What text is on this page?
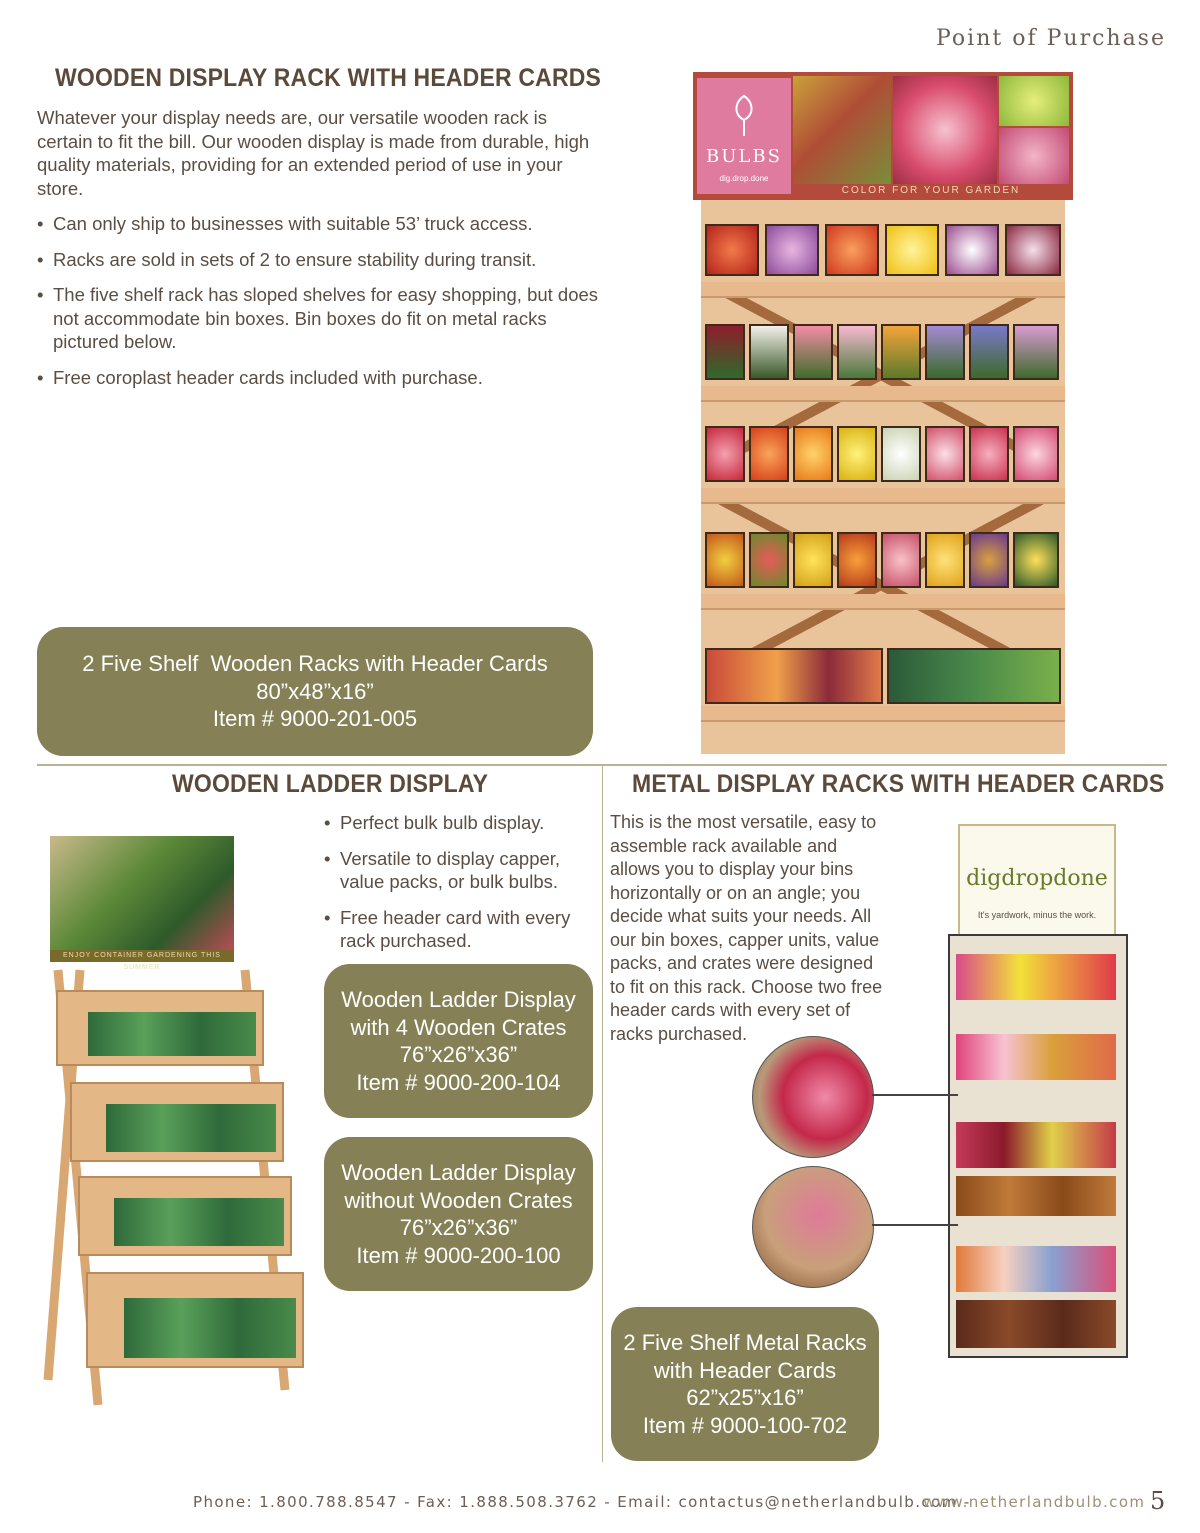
Point of Purchase
WOODEN DISPLAY RACK WITH HEADER CARDS
Whatever your display needs are, our versatile wooden rack is certain to fit the bill. Our wooden display is made from durable, high quality materials, providing for an extended period of use in your store.
• Can only ship to businesses with suitable 53’ truck access.
• Racks are sold in sets of 2 to ensure stability during transit.
• The five shelf rack has sloped shelves for easy shopping, but does not accommodate bin boxes. Bin boxes do fit on metal racks pictured below.
• Free coroplast header cards included with purchase.
2 Five Shelf  Wooden Racks with Header Cards
80”x48”x16”
Item # 9000-201-005
BULBS
dig.drop.done
COLOR FOR YOUR GARDEN
WOODEN LADDER DISPLAY
• Perfect bulk bulb display.
• Versatile to display capper, value packs, or bulk bulbs.
• Free header card with every rack purchased.
Wooden Ladder Display with 4 Wooden Crates
76”x26”x36”
Item # 9000-200-104
Wooden Ladder Display without Wooden Crates
76”x26”x36”
Item # 9000-200-100
ENJOY CONTAINER GARDENING THIS SUMMER
METAL DISPLAY RACKS WITH HEADER CARDS
This is the most versatile, easy to assemble rack available and allows you to display your bins horizontally or on an angle; you decide what suits your needs. All our bin boxes, capper units, value packs, and crates were designed to fit on this rack. Choose two free header cards with every set of racks purchased.
2 Five Shelf Metal Racks with Header Cards
62”x25”x16”
Item # 9000-100-702
digdropdone
It's yardwork, minus the work.
Phone: 1.800.788.8547 - Fax: 1.888.508.3762 - Email: contactus@netherlandbulb.com -
www.netherlandbulb.com 5
